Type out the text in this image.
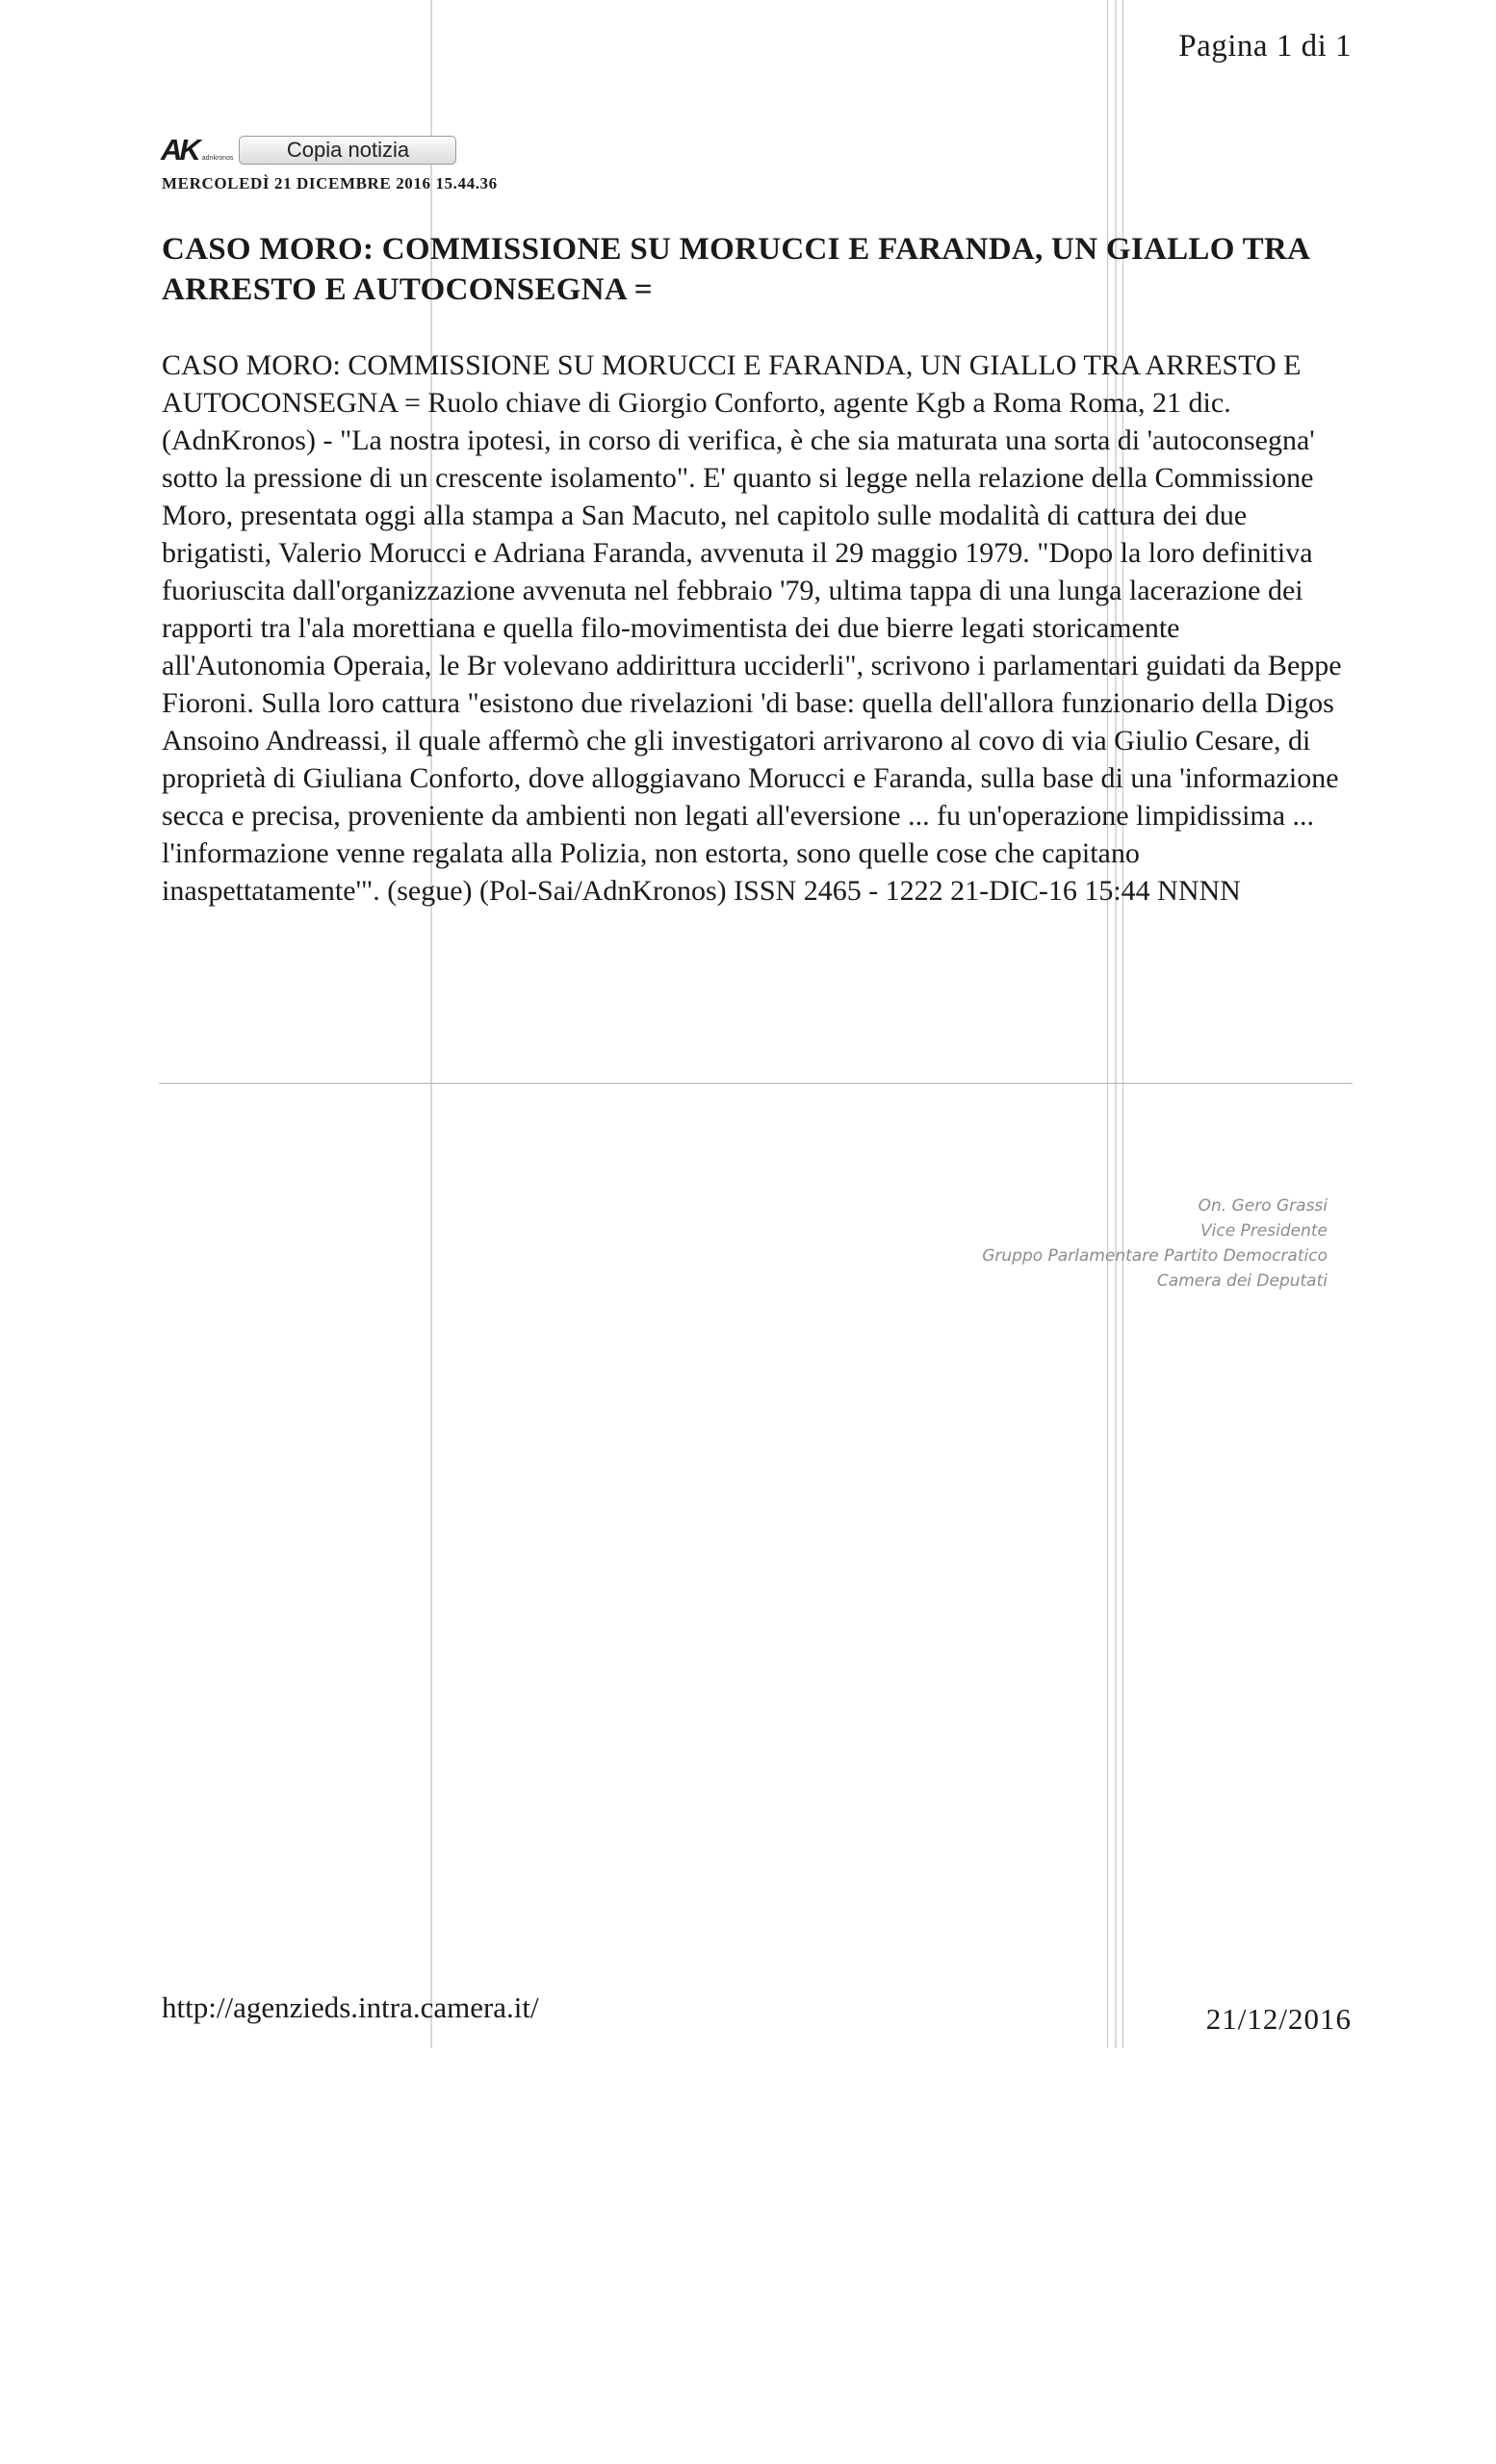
Pagina 1 di 1
AK adnkronos	Copia notizia
MERCOLEDÌ 21 DICEMBRE 2016 15.44.36
CASO MORO: COMMISSIONE SU MORUCCI E FARANDA, UN GIALLO TRA ARRESTO E AUTOCONSEGNA =

CASO MORO: COMMISSIONE SU MORUCCI E FARANDA, UN GIALLO TRA ARRESTO E AUTOCONSEGNA = Ruolo chiave di Giorgio Conforto, agente Kgb a Roma Roma, 21 dic. (AdnKronos) - "La nostra ipotesi, in corso di verifica, è che sia maturata una sorta di 'autoconsegna' sotto la pressione di un crescente isolamento". E' quanto si legge nella relazione della Commissione Moro, presentata oggi alla stampa a San Macuto, nel capitolo sulle modalità di cattura dei due brigatisti, Valerio Morucci e Adriana Faranda, avvenuta il 29 maggio 1979. "Dopo la loro definitiva fuoriuscita dall'organizzazione avvenuta nel febbraio '79, ultima tappa di una lunga lacerazione dei rapporti tra l'ala morettiana e quella filo-movimentista dei due bierre legati storicamente all'Autonomia Operaia, le Br volevano addirittura ucciderli", scrivono i parlamentari guidati da Beppe Fioroni. Sulla loro cattura "esistono due rivelazioni 'di base: quella dell'allora funzionario della Digos Ansoino Andreassi, il quale affermò che gli investigatori arrivarono al covo di via Giulio Cesare, di proprietà di Giuliana Conforto, dove alloggiavano Morucci e Faranda, sulla base di una 'informazione secca e precisa, proveniente da ambienti non legati all'eversione ... fu un'operazione limpidissima ... l'informazione venne regalata alla Polizia, non estorta, sono quelle cose che capitano inaspettatamente'". (segue) (Pol-Sai/AdnKronos) ISSN 2465 - 1222 21-DIC-16 15:44 NNNN

On. Gero Grassi
Vice Presidente
Gruppo Parlamentare Partito Democratico
Camera dei Deputati
http://agenzieds.intra.camera.it/	21/12/2016
